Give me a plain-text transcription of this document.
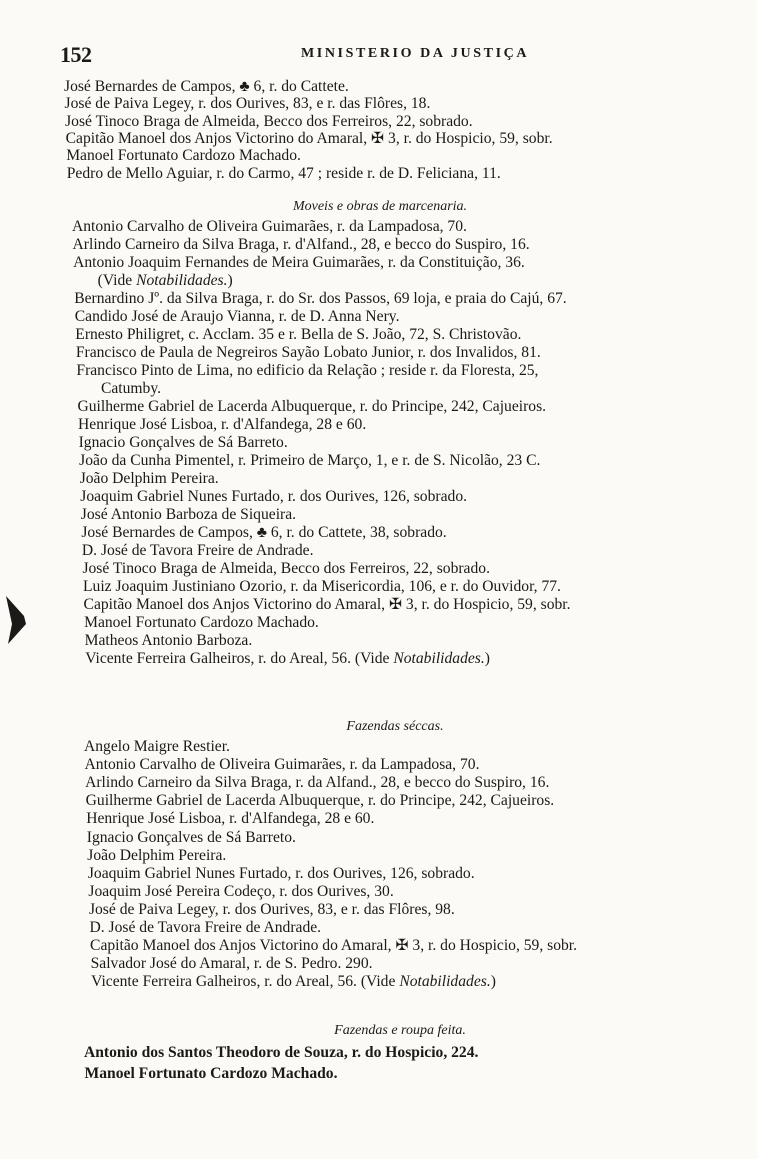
152	MINISTERIO DA JUSTIÇA
José Bernardes de Campos, ♣ 6, r. do Cattete.
José de Paiva Legey, r. dos Ourives, 83, e r. das Flôres, 18.
José Tinoco Braga de Almeida, Becco dos Ferreiros, 22, sobrado.
Capitão Manoel dos Anjos Victorino do Amaral, ✠ 3, r. do Hospicio, 59, sobr.
Manoel Fortunato Cardozo Machado.
Pedro de Mello Aguiar, r. do Carmo, 47 ; reside r. de D. Feliciana, 11.
Moveis e obras de marcenaria.
Antonio Carvalho de Oliveira Guimarães, r. da Lampadosa, 70.
Arlindo Carneiro da Silva Braga, r. d'Alfand., 28, e becco do Suspiro, 16.
Antonio Joaquim Fernandes de Meira Guimarães, r. da Constituição, 36.
(Vide Notabilidades.)
Bernardino Jº. da Silva Braga, r. do Sr. dos Passos, 69 loja, e praia do Cajú, 67.
Candido José de Araujo Vianna, r. de D. Anna Nery.
Ernesto Philigret, c. Acclam. 35 e r. Bella de S. João, 72, S. Christovão.
Francisco de Paula de Negreiros Sayão Lobato Junior, r. dos Invalidos, 81.
Francisco Pinto de Lima, no edificio da Relação ; reside r. da Floresta, 25,
Catumby.
Guilherme Gabriel de Lacerda Albuquerque, r. do Principe, 242, Cajueiros.
Henrique José Lisboa, r. d'Alfandega, 28 e 60.
Ignacio Gonçalves de Sá Barreto.
João da Cunha Pimentel, r. Primeiro de Março, 1, e r. de S. Nicolão, 23 C.
João Delphim Pereira.
Joaquim Gabriel Nunes Furtado, r. dos Ourives, 126, sobrado.
José Antonio Barboza de Siqueira.
José Bernardes de Campos, ♣ 6, r. do Cattete, 38, sobrado.
D. José de Tavora Freire de Andrade.
José Tinoco Braga de Almeida, Becco dos Ferreiros, 22, sobrado.
Luiz Joaquim Justiniano Ozorio, r. da Misericordia, 106, e r. do Ouvidor, 77.
Capitão Manoel dos Anjos Victorino do Amaral, ✠ 3, r. do Hospicio, 59, sobr.
Manoel Fortunato Cardozo Machado.
Matheos Antonio Barboza.
Vicente Ferreira Galheiros, r. do Areal, 56. (Vide Notabilidades.)
Fazendas séccas.
Angelo Maigre Restier.
Antonio Carvalho de Oliveira Guimarães, r. da Lampadosa, 70.
Arlindo Carneiro da Silva Braga, r. da Alfand., 28, e becco do Suspiro, 16.
Guilherme Gabriel de Lacerda Albuquerque, r. do Principe, 242, Cajueiros.
Henrique José Lisboa, r. d'Alfandega, 28 e 60.
Ignacio Gonçalves de Sá Barreto.
João Delphim Pereira.
Joaquim Gabriel Nunes Furtado, r. dos Ourives, 126, sobrado.
Joaquim José Pereira Codeço, r. dos Ourives, 30.
José de Paiva Legey, r. dos Ourives, 83, e r. das Flôres, 98.
D. José de Tavora Freire de Andrade.
Capitão Manoel dos Anjos Victorino do Amaral, ✠ 3, r. do Hospicio, 59, sobr.
Salvador José do Amaral, r. de S. Pedro. 290.
Vicente Ferreira Galheiros, r. do Areal, 56. (Vide Notabilidades.)
Fazendas e roupa feita.
Antonio dos Santos Theodoro de Souza, r. do Hospicio, 224.
Manoel Fortunato Cardozo Machado.
